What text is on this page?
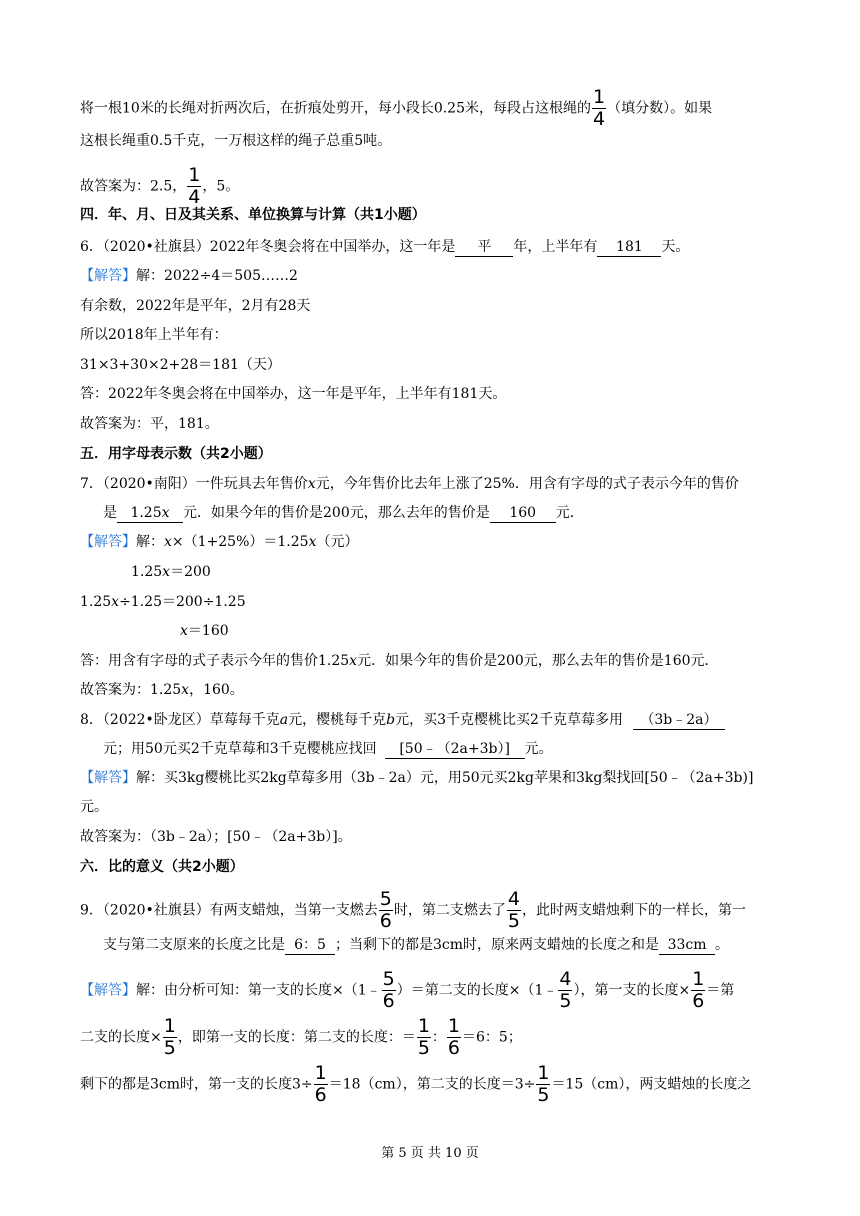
将一根10米的长绳对折两次后，在折痕处剪开，每小段长0.25米，每段占这根绳的 $\frac{1}{4}$ （填分数）。如果
这根长绳重0.5千克，一万根这样的绳子总重5吨。
故答案为：2.5， $\frac{1}{4}$ ，5。
四．年、月、日及其关系、单位换算与计算（共1小题）
6．（2020•社旗县）2022年冬奥会将在中国举办，这一年是 平 年，上半年有 181 天。
【解答】解：2022÷4＝505……2
有余数，2022年是平年，2月有28天
所以2018年上半年有：
31×3+30×2+28＝181（天）
答：2022年冬奥会将在中国举办，这一年是平年，上半年有181天。
故答案为：平，181。
五．用字母表示数（共2小题）
7．（2020•南阳）一件玩具去年售价x元，今年售价比去年上涨了25%．用含有字母的式子表示今年的售价
是 1.25x 元．如果今年的售价是200元，那么去年的售价是 160 元．
【解答】解：x×（1+25%）＝1.25x（元）
1.25x＝200
1.25x÷1.25＝200÷1.25
x＝160
答：用含有字母的式子表示今年的售价1.25x元．如果今年的售价是200元，那么去年的售价是160元．
故答案为：1.25x，160。
8．（2022•卧龙区）草莓每千克a元，樱桃每千克b元，买3千克樱桃比买2千克草莓多用 （3b﹣2a）
元；用50元买2千克草莓和3千克樱桃应找回 [50﹣（2a+3b）] 元。
【解答】解：买3kg樱桃比买2kg草莓多用（3b﹣2a）元，用50元买2kg苹果和3kg梨找回[50﹣（2a+3b)]
元。
故答案为：（3b﹣2a）；[50﹣（2a+3b）]。
六．比的意义（共2小题）
9．（2020•社旗县）有两支蜡烛，当第一支燃去 $\frac{5}{6}$ 时，第二支燃去了 $\frac{4}{5}$ ，此时两支蜡烛剩下的一样长，第一
支与第二支原来的长度之比是 6：5 ；当剩下的都是3cm时，原来两支蜡烛的长度之和是 33cm 。
【解答】解：由分析可知：第一支的长度×（1﹣ $\frac{5}{6}$ ）＝第二支的长度×（1﹣ $\frac{4}{5}$ ），第一支的长度× $\frac{1}{6}$ ＝第
二支的长度× $\frac{1}{5}$ ，即第一支的长度：第二支的长度：＝ $\frac{1}{5}$ ： $\frac{1}{6} =6$：5；
剩下的都是3cm时，第一支的长度$3\div \frac{1}{6} =18(cm)$，第二支的长度$=3\div \frac{1}{5} =15(cm)$，两支蜡烛的长度之
第 5 页 共 10 页
